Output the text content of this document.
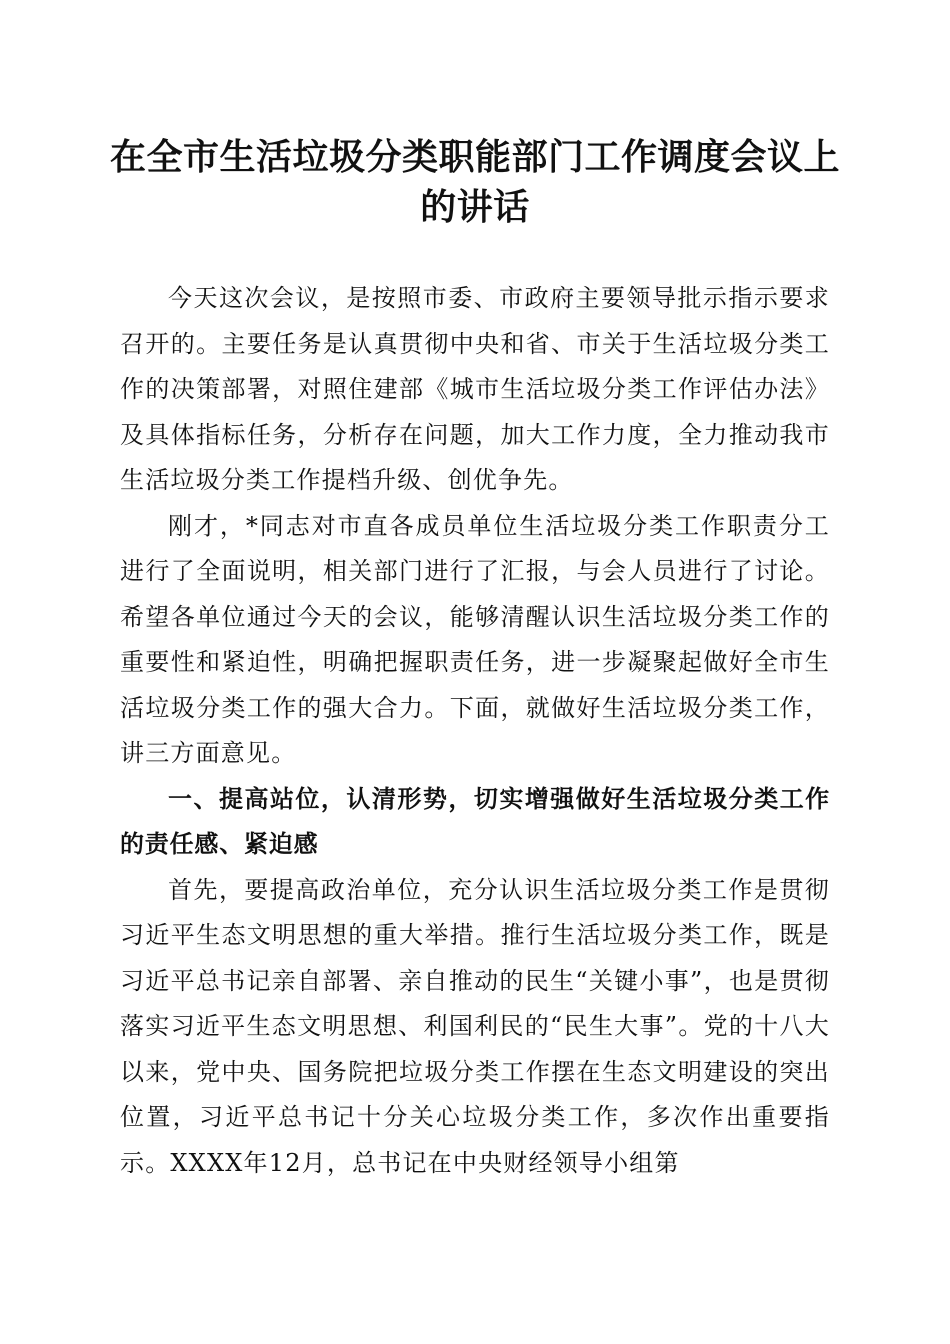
在全市生活垃圾分类职能部门工作调度会议上的讲话

今天这次会议，是按照市委、市政府主要领导批示指示要求召开的。主要任务是认真贯彻中央和省、市关于生活垃圾分类工作的决策部署，对照住建部《城市生活垃圾分类工作评估办法》及具体指标任务，分析存在问题，加大工作力度，全力推动我市生活垃圾分类工作提档升级、创优争先。

刚才，*同志对市直各成员单位生活垃圾分类工作职责分工进行了全面说明，相关部门进行了汇报，与会人员进行了讨论。希望各单位通过今天的会议，能够清醒认识生活垃圾分类工作的重要性和紧迫性，明确把握职责任务，进一步凝聚起做好全市生活垃圾分类工作的强大合力。下面，就做好生活垃圾分类工作，讲三方面意见。

一、提高站位，认清形势，切实增强做好生活垃圾分类工作的责任感、紧迫感

首先，要提高政治单位，充分认识生活垃圾分类工作是贯彻习近平生态文明思想的重大举措。推行生活垃圾分类工作，既是习近平总书记亲自部署、亲自推动的民生“关键小事”，也是贯彻落实习近平生态文明思想、利国利民的“民生大事”。党的十八大以来，党中央、国务院把垃圾分类工作摆在生态文明建设的突出位置，习近平总书记十分关心垃圾分类工作，多次作出重要指示。XXXX年12月，总书记在中央财经领导小组第
